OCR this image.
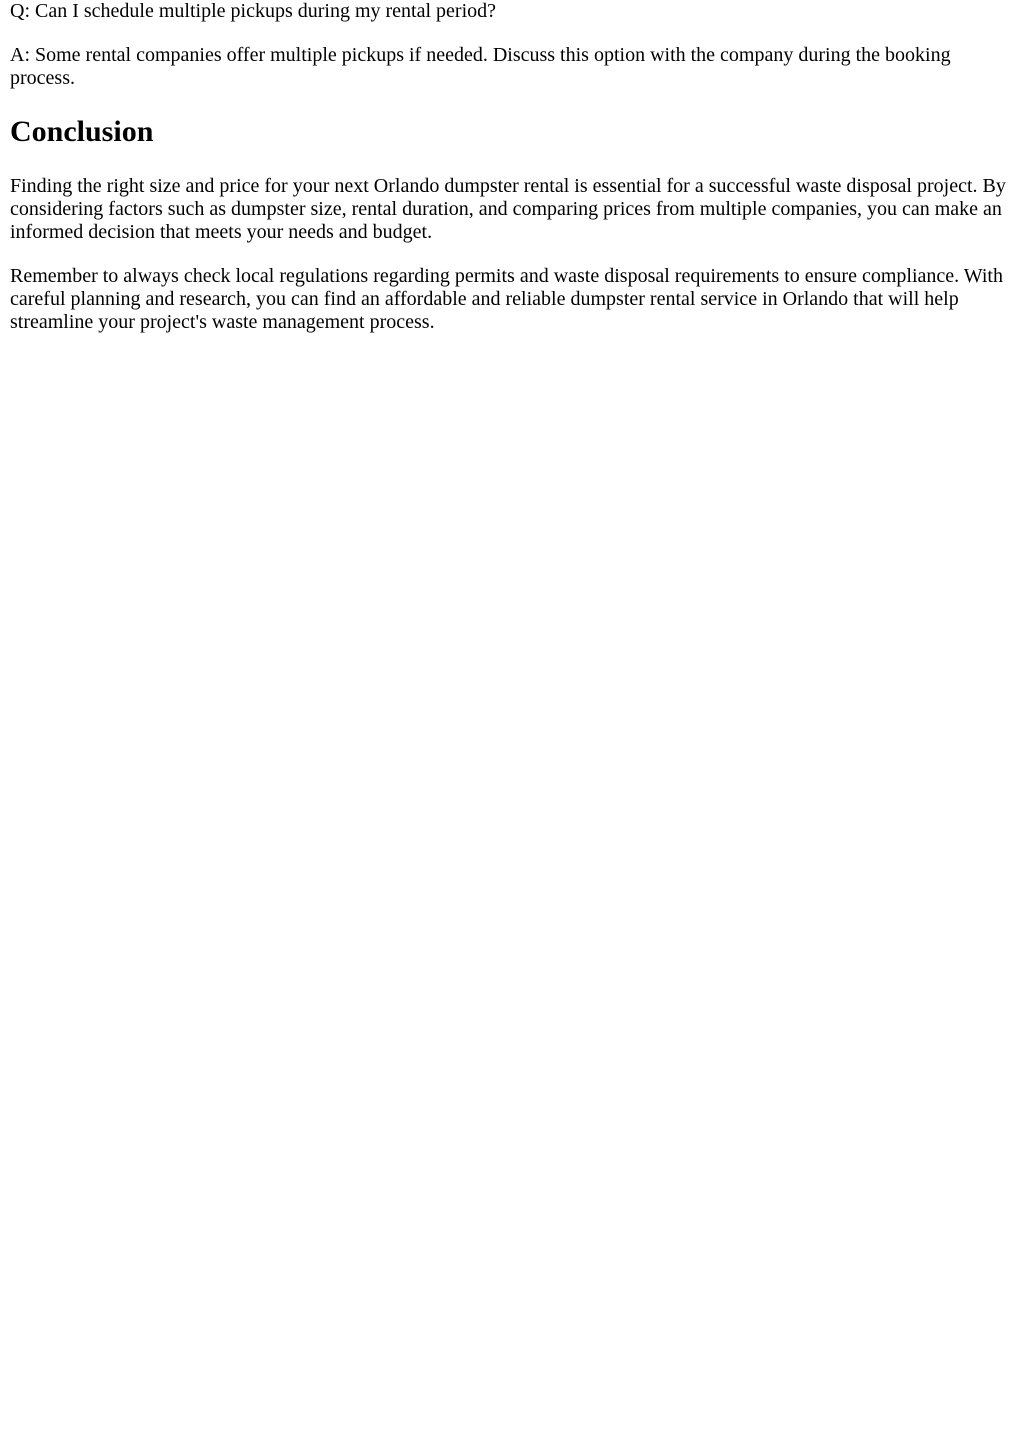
Q: Can I schedule multiple pickups during my rental period?

A: Some rental companies offer multiple pickups if needed. Discuss this option with the company during the booking process.

Conclusion

Finding the right size and price for your next Orlando dumpster rental is essential for a successful waste disposal project. By considering factors such as dumpster size, rental duration, and comparing prices from multiple companies, you can make an informed decision that meets your needs and budget.

Remember to always check local regulations regarding permits and waste disposal requirements to ensure compliance. With careful planning and research, you can find an affordable and reliable dumpster rental service in Orlando that will help streamline your project's waste management process.
